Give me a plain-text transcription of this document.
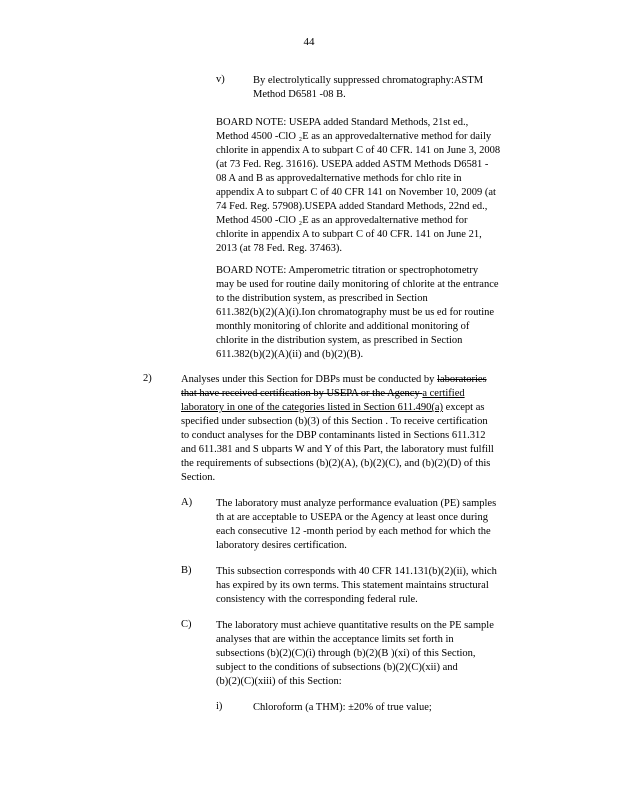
44
v)	By electrolytically suppressed chromatography:ASTM
Method D6581 -08 B.
BOARD NOTE: USEPA added Standard Methods, 21st ed.,
Method 4500 -ClO ₂E as an approvedalternative method for daily
chlorite in appendix A to subpart C of 40 CFR. 141 on June 3, 2008
(at 73 Fed. Reg. 31616). USEPA added ASTM Methods D6581 -
08 A and B as approvedalternative methods for chlo rite in
appendix A to subpart C of 40 CFR 141 on November 10, 2009 (at
74 Fed. Reg. 57908).USEPA added Standard Methods, 22nd ed.,
Method 4500 -ClO ₂E as an approvedalternative method for
chlorite in appendix A to subpart C of 40 CFR. 141 on June 21,
2013 (at 78 Fed. Reg. 37463).
BOARD NOTE: Amperometric titration or spectrophotometry
may be used for routine daily monitoring of chlorite at the entrance
to the distribution system, as prescribed in Section
611.382(b)(2)(A)(i).Ion chromatography must be us ed for routine
monthly monitoring of chlorite and additional monitoring of
chlorite in the distribution system, as prescribed in Section
611.382(b)(2)(A)(ii) and (b)(2)(B).
2)	Analyses under this Section for DBPs must be conducted by laboratories
that have received certification by USEPA or the Agency a certified
laboratory in one of the categories listed in Section 611.490(a) except as
specified under subsection (b)(3) of this Section . To receive certification
to conduct analyses for the DBP contaminants listed in Sections 611.312
and 611.381 and S ubparts W and Y of this Part, the laboratory must fulfill
the requirements of subsections (b)(2)(A), (b)(2)(C), and (b)(2)(D) of this
Section.
A) The laboratory must analyze performance evaluation (PE) samples
th at are acceptable to USEPA or the Agency at least once during
each consecutive 12 -month period by each method for which the
laboratory desires certification.
B) This subsection corresponds with 40 CFR 141.131(b)(2)(ii), which
has expired by its own terms. This statement maintains structural
consistency with the corresponding federal rule.
C) The laboratory must achieve quantitative results on the PE sample
analyses that are within the acceptance limits set forth in
subsections (b)(2)(C)(i) through (b)(2)(B )(xi) of this Section,
subject to the conditions of subsections (b)(2)(C)(xii) and
(b)(2)(C)(xiii) of this Section:
i)	Chloroform (a THM): ±20% of true value;
